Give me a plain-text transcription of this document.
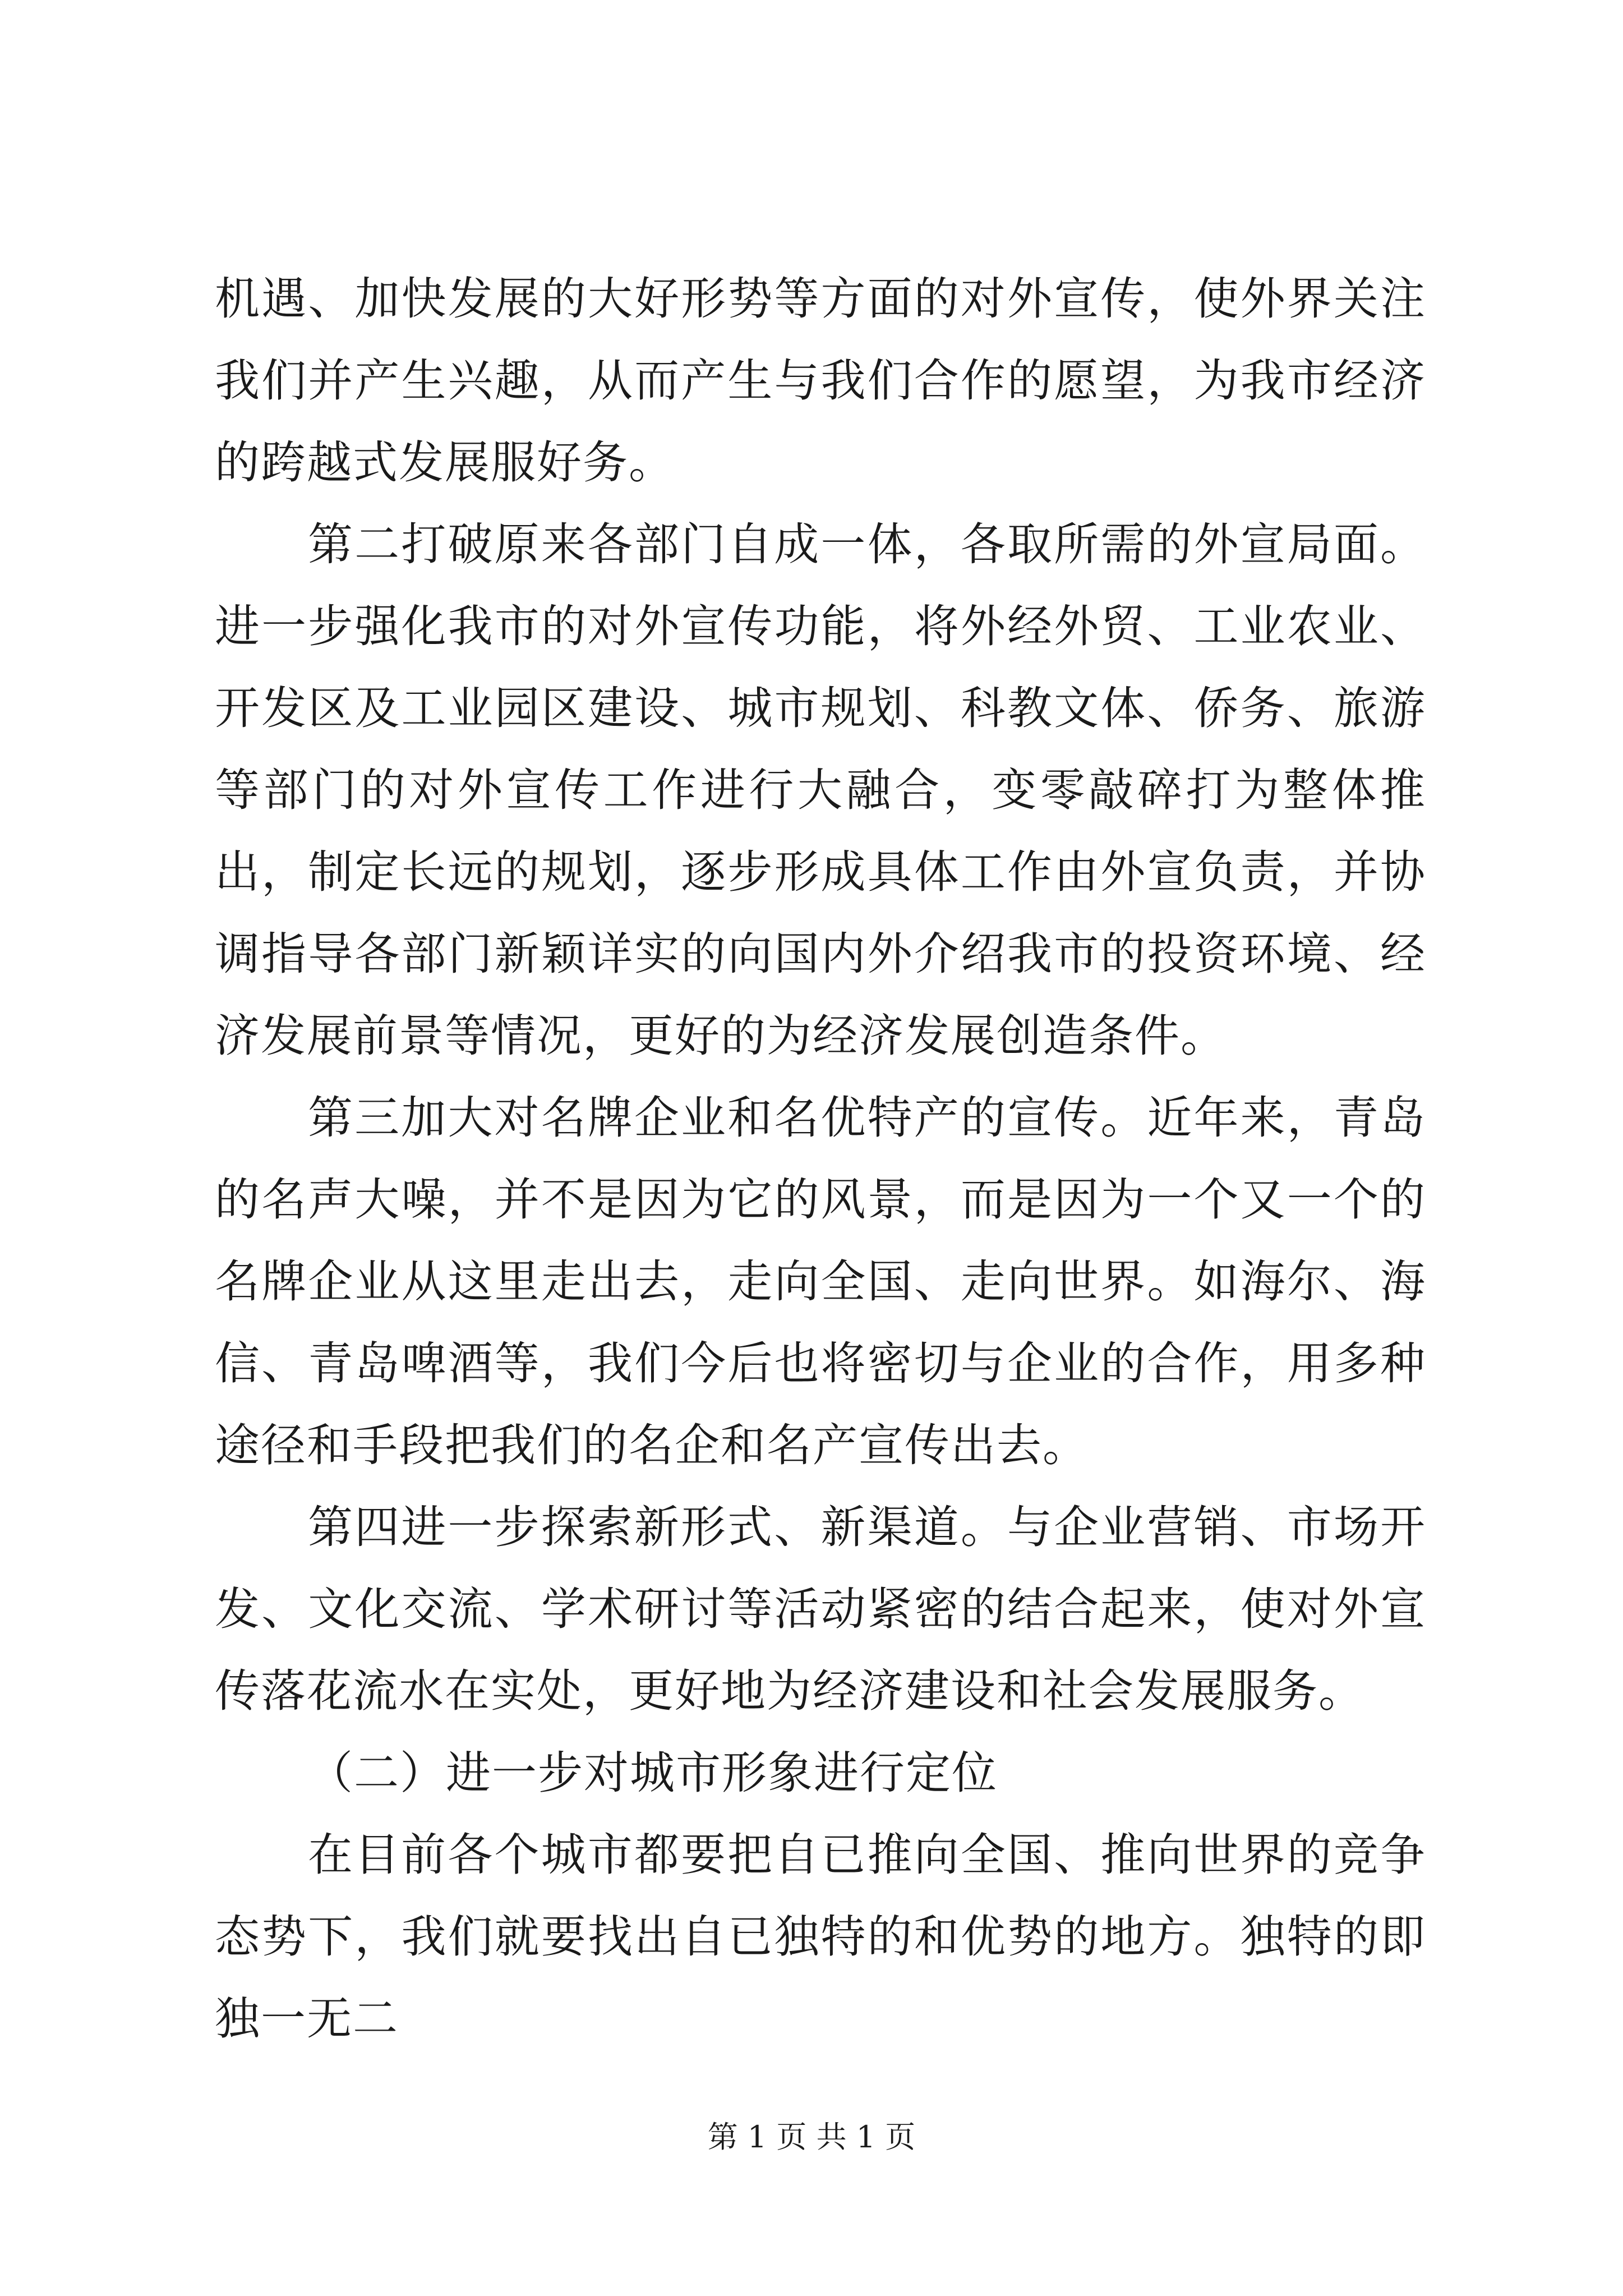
机遇、加快发展的大好形势等方面的对外宣传，使外界关注我们并产生兴趣，从而产生与我们合作的愿望，为我市经济的跨越式发展服好务。

第二打破原来各部门自成一体，各取所需的外宣局面。进一步强化我市的对外宣传功能，将外经外贸、工业农业、开发区及工业园区建设、城市规划、科教文体、侨务、旅游等部门的对外宣传工作进行大融合，变零敲碎打为整体推出，制定长远的规划，逐步形成具体工作由外宣负责，并协调指导各部门新颖详实的向国内外介绍我市的投资环境、经济发展前景等情况，更好的为经济发展创造条件。

第三加大对名牌企业和名优特产的宣传。近年来，青岛的名声大噪，并不是因为它的风景，而是因为一个又一个的名牌企业从这里走出去，走向全国、走向世界。如海尔、海信、青岛啤酒等，我们今后也将密切与企业的合作，用多种途径和手段把我们的名企和名产宣传出去。

第四进一步探索新形式、新渠道。与企业营销、市场开发、文化交流、学术研讨等活动紧密的结合起来，使对外宣传落花流水在实处，更好地为经济建设和社会发展服务。

（二）进一步对城市形象进行定位

在目前各个城市都要把自已推向全国、推向世界的竞争态势下，我们就要找出自已独特的和优势的地方。独特的即独一无二

第 1 页 共 1 页
